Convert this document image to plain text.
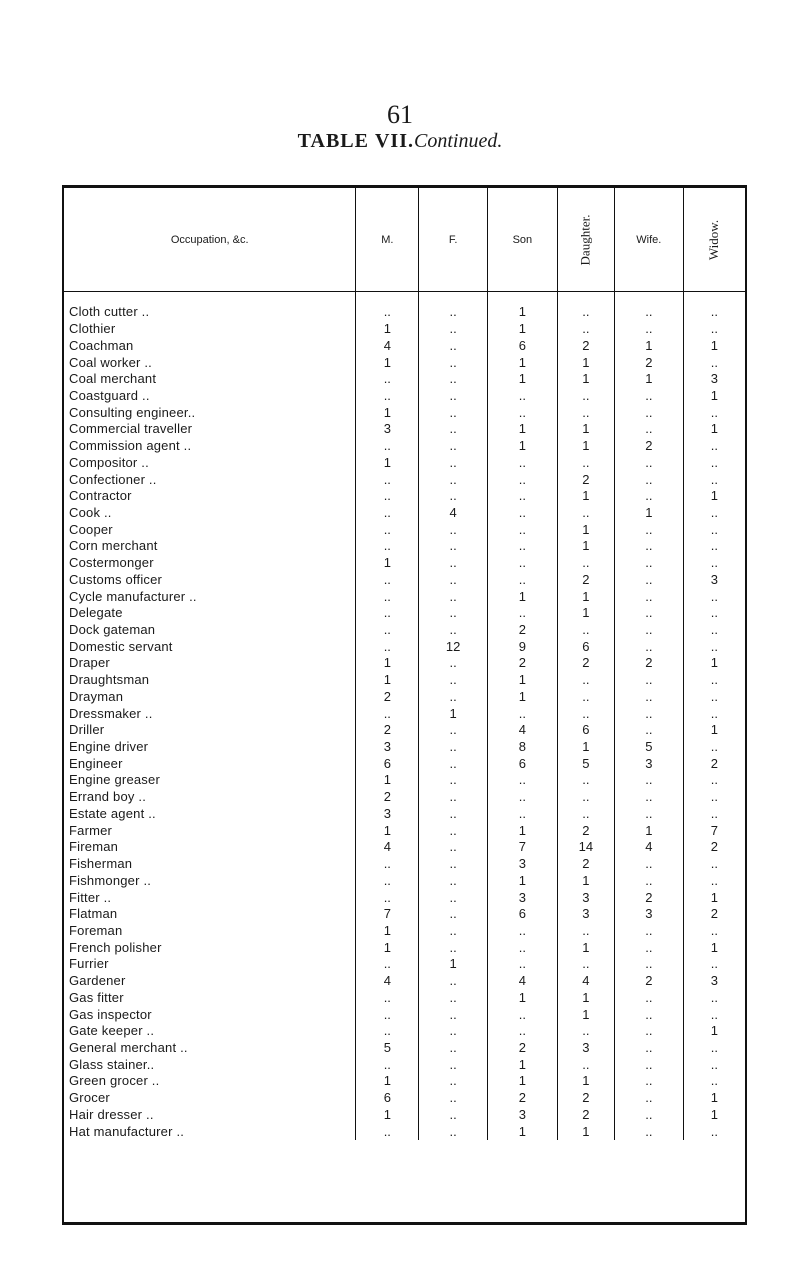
61
TABLE VII.Continued.
Occupation, &c.	M.	F.	Son	Daughter.	Wife.	Widow.

Cloth cutter ..	..	..	1	..	..	..
Clothier	1	..	1	..	..	..
Coachman	4	..	6	2	1	1
Coal worker ..	1	..	1	1	2	..
Coal merchant	..	..	1	1	1	3
Coastguard ..	..	..	..	..	..	1
Consulting engineer..	1	..	..	..	..	..
Commercial traveller	3	..	1	1	..	1
Commission agent ..	..	..	1	1	2	..
Compositor ..	1	..	..	..	..	..
Confectioner ..	..	..	..	2	..	..
Contractor	..	..	..	1	..	1
Cook ..	..	4	..	..	1	..
Cooper	..	..	..	1	..	..
Corn merchant	..	..	..	1	..	..
Costermonger	1	..	..	..	..	..
Customs officer	..	..	..	2	..	3
Cycle manufacturer ..	..	..	1	1	..	..
Delegate	..	..	..	1	..	..
Dock gateman	..	..	2	..	..	..
Domestic servant	..	12	9	6	..	..
Draper	1	..	2	2	2	1
Draughtsman	1	..	1	..	..	..
Drayman	2	..	1	..	..	..
Dressmaker ..	..	1	..	..	..	..
Driller	2	..	4	6	..	1
Engine driver	3	..	8	1	5	..
Engineer	6	..	6	5	3	2
Engine greaser	1	..	..	..	..	..
Errand boy ..	2	..	..	..	..	..
Estate agent ..	3	..	..	..	..	..
Farmer	1	..	1	2	1	7
Fireman	4	..	7	14	4	2
Fisherman	..	..	3	2	..	..
Fishmonger ..	..	..	1	1	..	..
Fitter ..	..	..	3	3	2	1
Flatman	7	..	6	3	3	2
Foreman	1	..	..	..	..	..
French polisher	1	..	..	1	..	1
Furrier	..	1	..	..	..	..
Gardener	4	..	4	4	2	3
Gas fitter	..	..	1	1	..	..
Gas inspector	..	..	..	1	..	..
Gate keeper ..	..	..	..	..	..	1
General merchant ..	5	..	2	3	..	..
Glass stainer..	..	..	1	..	..	..
Green grocer ..	1	..	1	1	..	..
Grocer	6	..	2	2	..	1
Hair dresser ..	1	..	3	2	..	1
Hat manufacturer ..	..	..	1	1	..	..
